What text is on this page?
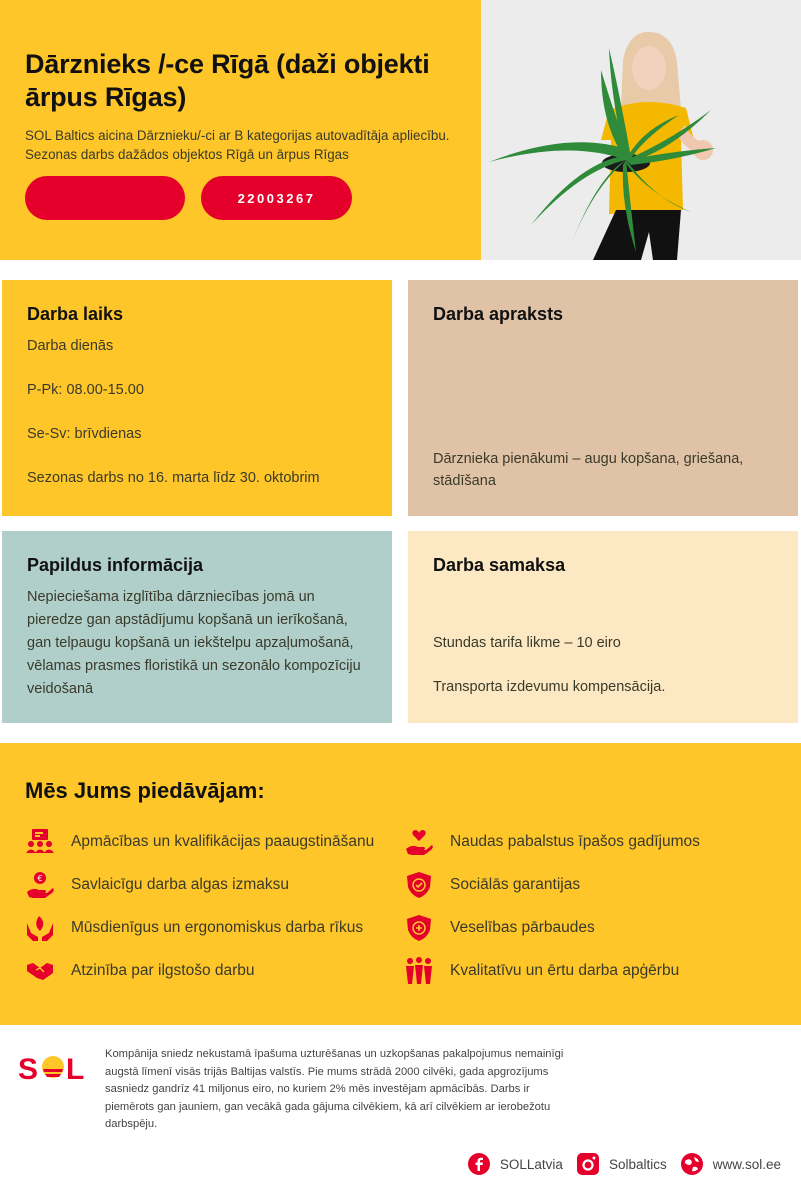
Dārznieks /-ce Rīgā (daži objekti ārpus Rīgas)

SOL Baltics aicina Dārznieku/-ci ar B kategorijas autovadītāja apliecību. Sezonas darbs dažādos objektos Rīgā un ārpus Rīgas

22003267
Darba laiks

Darba dienās

P-Pk: 08.00-15.00

Se-Sv: brīvdienas

Sezonas darbs no 16. marta līdz 30. oktobrim

Darba apraksts

Dārznieka pienākumi – augu kopšana, griešana, stādīšana

Papildus informācija

Nepieciešama izglītība dārzniecības jomā un pieredze gan apstādījumu kopšanā un ierīkošanā, gan telpaugu kopšanā un iekštelpu apzaļumošanā, vēlamas prasmes floristikā un sezonālo kompozīciju veidošanā

Darba samaksa

Stundas tarifa likme – 10 eiro

Transporta izdevumu kompensācija.

Mēs Jums piedāvājam:
Apmācības un kvalifikācijas paaugstināšanu
€ Savlaicīgu darba algas izmaksu
Mūsdienīgus un ergonomiskus darba rīkus
Atzinība par ilgstošo darbu
Naudas pabalstus īpašos gadījumos
Sociālās garantijas
Veselības pārbaudes
Kvalitatīvu un ērtu darba apģērbu
S L Kompānija sniedz nekustamā īpašuma uzturēšanas un uzkopšanas pakalpojumus nemainīgi augstā līmenī visās trijās Baltijas valstīs. Pie mums strādā 2000 cilvēki, gada apgrozījums sasniedz gandrīz 41 miljonus eiro, no kuriem 2% mēs investējam apmācībās. Darbs ir piemērots gan jauniem, gan vecākā gada gājuma cilvēkiem, kā arī cilvēkiem ar ierobežotu darbspēju.

SOLLatvia	Solbaltics	www.sol.ee
